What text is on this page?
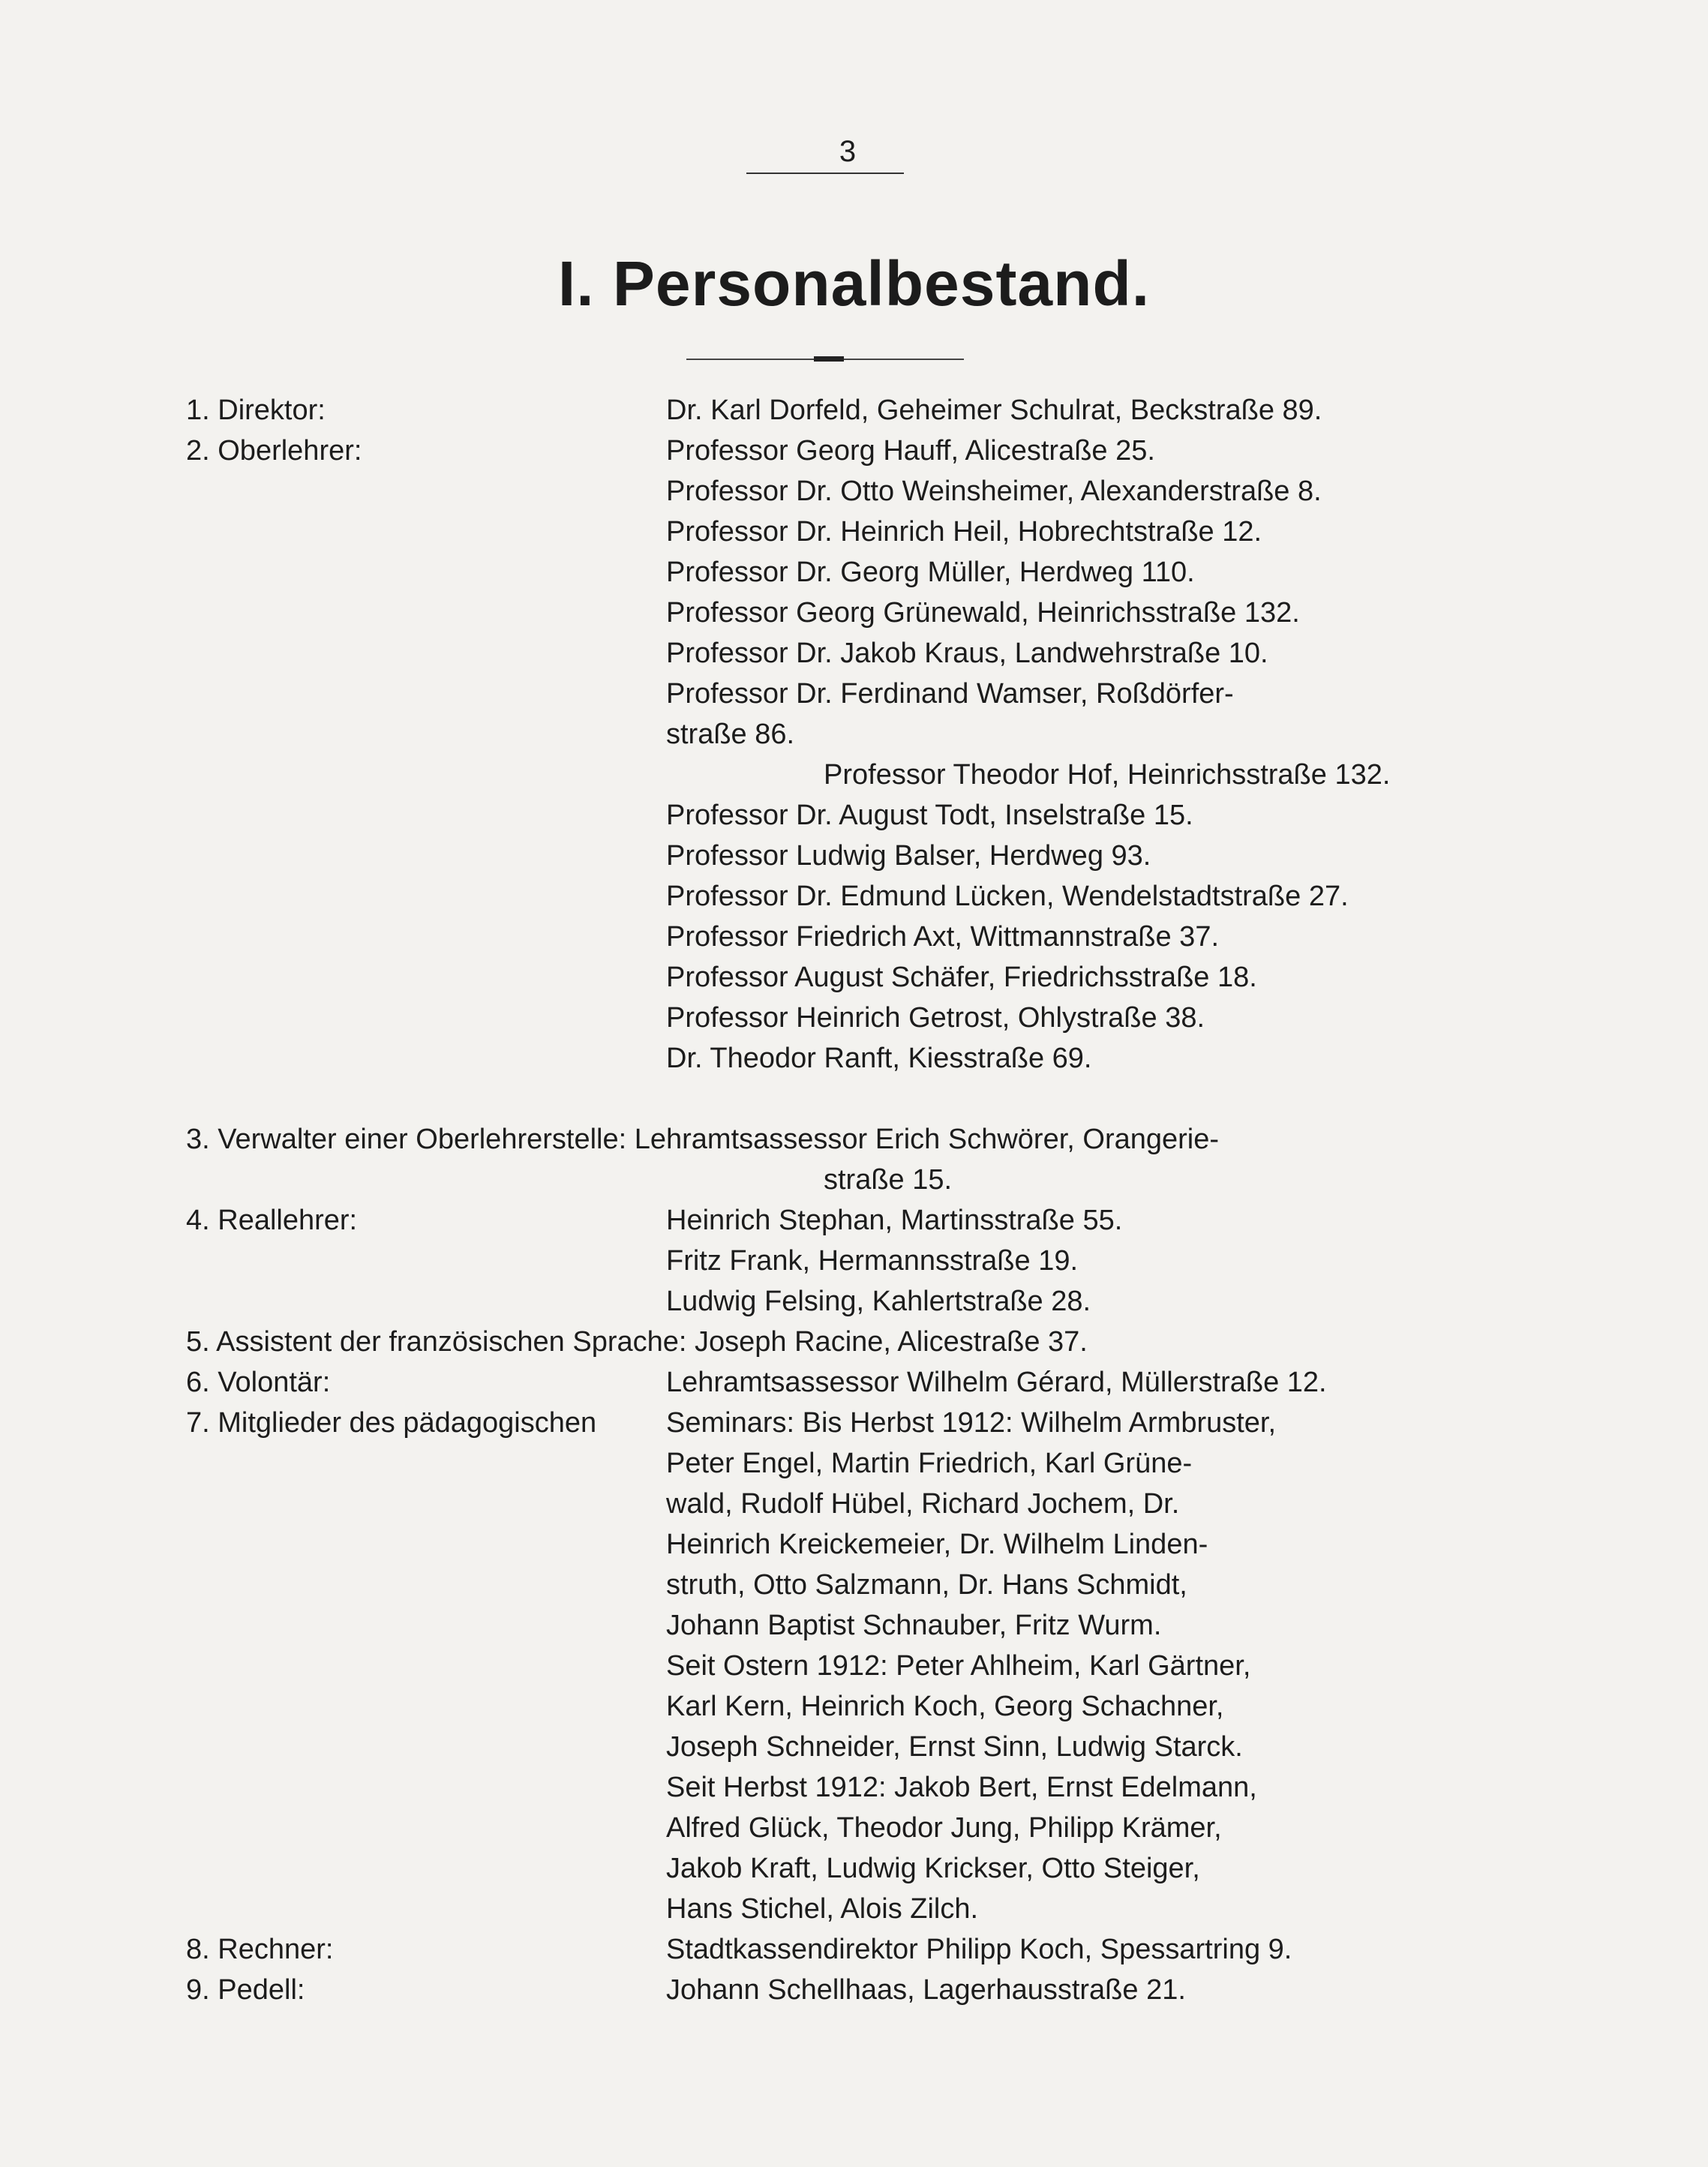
3
I. Personalbestand.
1. Direktor:	Dr. Karl Dorfeld, Geheimer Schulrat, Beckstraße 89.
2. Oberlehrer:	Professor Georg Hauff, Alicestraße 25.
Professor Dr. Otto Weinsheimer, Alexanderstraße 8.
Professor Dr. Heinrich Heil, Hobrechtstraße 12.
Professor Dr. Georg Müller, Herdweg 110.
Professor Georg Grünewald, Heinrichsstraße 132.
Professor Dr. Jakob Kraus, Landwehrstraße 10.
Professor Dr. Ferdinand Wamser, Roßdörfer-
straße 86.
Professor Theodor Hof, Heinrichsstraße 132.
Professor Dr. August Todt, Inselstraße 15.
Professor Ludwig Balser, Herdweg 93.
Professor Dr. Edmund Lücken, Wendelstadtstraße 27.
Professor Friedrich Axt, Wittmannstraße 37.
Professor August Schäfer, Friedrichsstraße 18.
Professor Heinrich Getrost, Ohlystraße 38.
Dr. Theodor Ranft, Kiesstraße 69.
3. Verwalter einer Oberlehrerstelle: Lehramtsassessor Erich Schwörer, Orangerie-
straße 15.
4. Reallehrer:	Heinrich Stephan, Martinsstraße 55.
Fritz Frank, Hermannsstraße 19.
Ludwig Felsing, Kahlertstraße 28.
5. Assistent der französischen Sprache: Joseph Racine, Alicestraße 37.
6. Volontär:	Lehramtsassessor Wilhelm Gérard, Müllerstraße 12.
7. Mitglieder des pädagogischen	Seminars: Bis Herbst 1912: Wilhelm Armbruster,
Peter Engel, Martin Friedrich, Karl Grüne-
wald, Rudolf Hübel, Richard Jochem, Dr.
Heinrich Kreickemeier, Dr. Wilhelm Linden-
struth, Otto Salzmann, Dr. Hans Schmidt,
Johann Baptist Schnauber, Fritz Wurm.
Seit Ostern 1912: Peter Ahlheim, Karl Gärtner,
Karl Kern, Heinrich Koch, Georg Schachner,
Joseph Schneider, Ernst Sinn, Ludwig Starck.
Seit Herbst 1912: Jakob Bert, Ernst Edelmann,
Alfred Glück, Theodor Jung, Philipp Krämer,
Jakob Kraft, Ludwig Krickser, Otto Steiger,
Hans Stichel, Alois Zilch.
8. Rechner:	Stadtkassendirektor Philipp Koch, Spessartring 9.
9. Pedell:	Johann Schellhaas, Lagerhausstraße 21.
